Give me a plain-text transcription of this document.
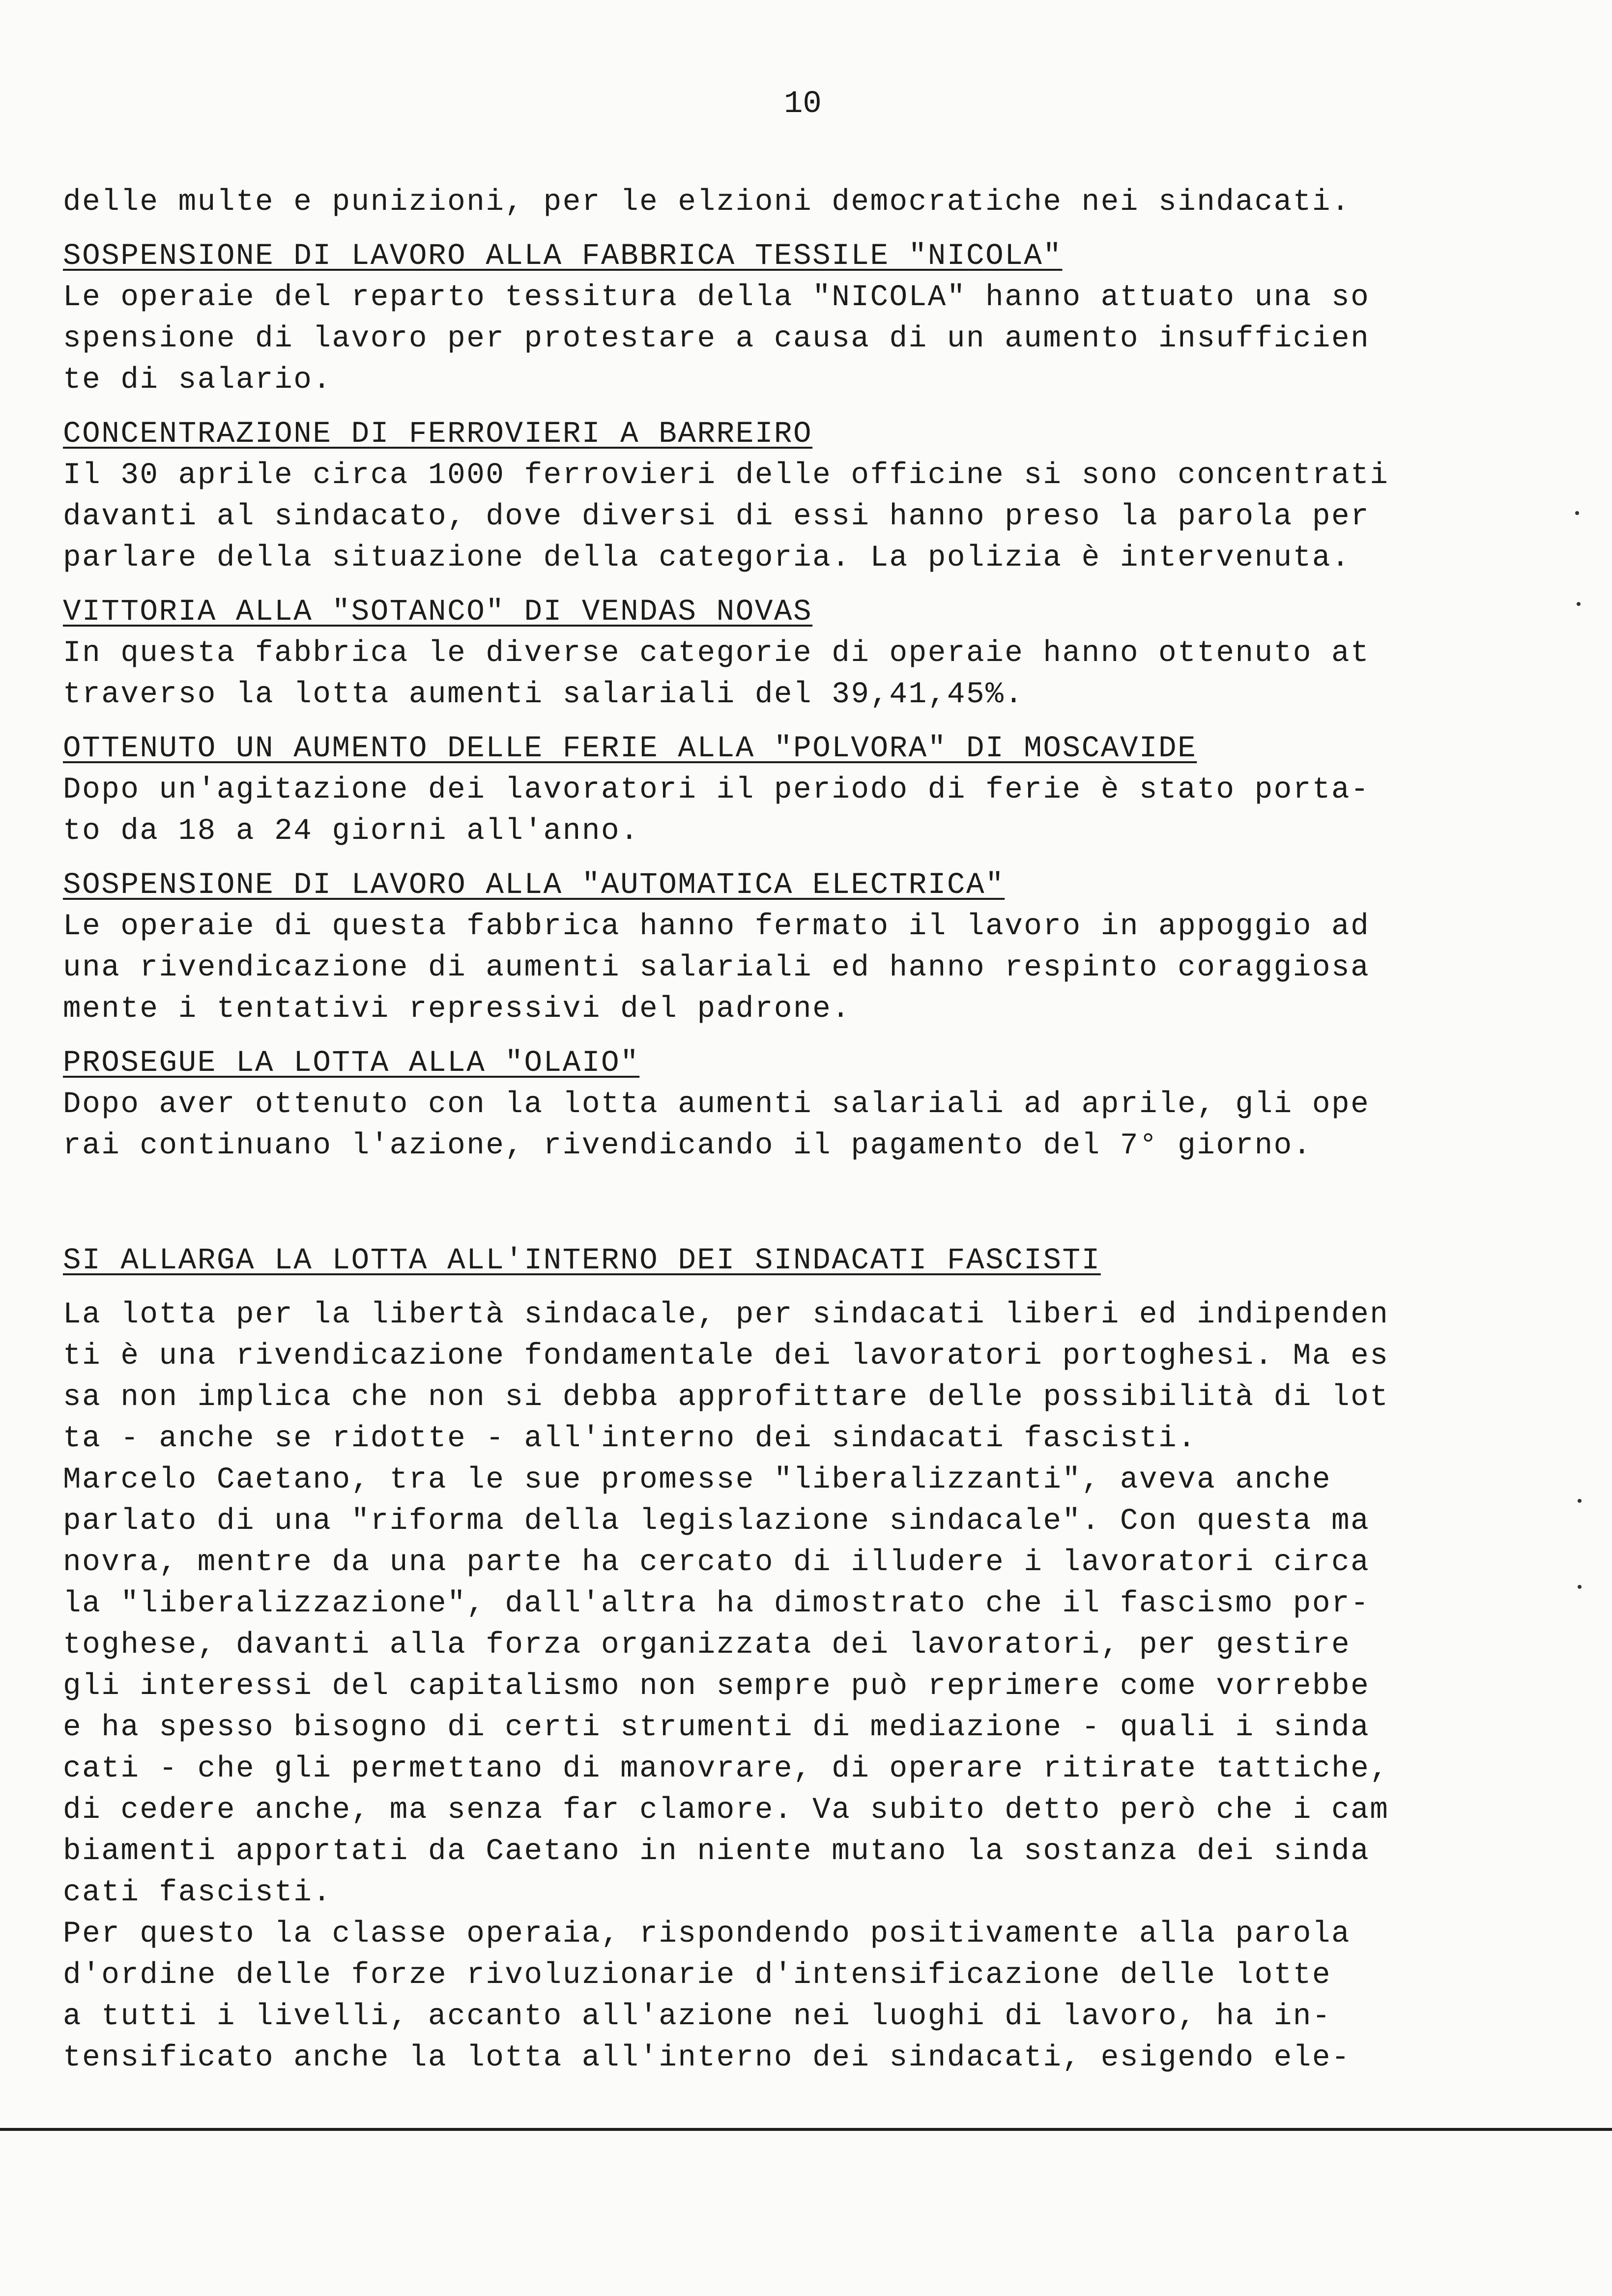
10
delle multe e punizioni, per le elzioni democratiche nei sindacati.
SOSPENSIONE DI LAVORO ALLA FABBRICA TESSILE "NICOLA"
Le operaie del reparto tessitura della "NICOLA" hanno attuato una so
spensione di lavoro per protestare a causa di un aumento insufficien
te di salario.
CONCENTRAZIONE DI FERROVIERI A BARREIRO
Il 30 aprile circa 1000 ferrovieri delle officine si sono concentrati
davanti al sindacato, dove diversi di essi hanno preso la parola per
parlare della situazione della categoria. La polizia è intervenuta.
VITTORIA ALLA "SOTANCO" DI VENDAS NOVAS
In questa fabbrica le diverse categorie di operaie hanno ottenuto at
traverso la lotta aumenti salariali del 39,41,45%.
OTTENUTO UN AUMENTO DELLE FERIE ALLA "POLVORA" DI MOSCAVIDE
Dopo un'agitazione dei lavoratori il periodo di ferie è stato porta-
to da 18 a 24 giorni all'anno.
SOSPENSIONE DI LAVORO ALLA "AUTOMATICA ELECTRICA"
Le operaie di questa fabbrica hanno fermato il lavoro in appoggio ad
una rivendicazione di aumenti salariali ed hanno respinto coraggiosa
mente i tentativi repressivi del padrone.
PROSEGUE LA LOTTA ALLA "OLAIO"
Dopo aver ottenuto con la lotta aumenti salariali ad aprile, gli ope
rai continuano l'azione, rivendicando il pagamento del 7° giorno.
SI ALLARGA LA LOTTA ALL'INTERNO DEI SINDACATI FASCISTI
La lotta per la libertà sindacale, per sindacati liberi ed indipenden
ti è una rivendicazione fondamentale dei lavoratori portoghesi. Ma es
sa non implica che non si debba approfittare delle possibilità di lot
ta - anche se ridotte - all'interno dei sindacati fascisti.
Marcelo Caetano, tra le sue promesse "liberalizzanti", aveva anche
parlato di una "riforma della legislazione sindacale". Con questa ma
novra, mentre da una parte ha cercato di illudere i lavoratori circa
la "liberalizzazione", dall'altra ha dimostrato che il fascismo por-
toghese, davanti alla forza organizzata dei lavoratori, per gestire
gli interessi del capitalismo non sempre può reprimere come vorrebbe
e ha spesso bisogno di certi strumenti di mediazione - quali i sinda
cati - che gli permettano di manovrare, di operare ritirate tattiche,
di cedere anche, ma senza far clamore. Va subito detto però che i cam
biamenti apportati da Caetano in niente mutano la sostanza dei sinda
cati fascisti.
Per questo la classe operaia, rispondendo positivamente alla parola
d'ordine delle forze rivoluzionarie d'intensificazione delle lotte
a tutti i livelli, accanto all'azione nei luoghi di lavoro, ha in-
tensificato anche la lotta all'interno dei sindacati, esigendo ele-
